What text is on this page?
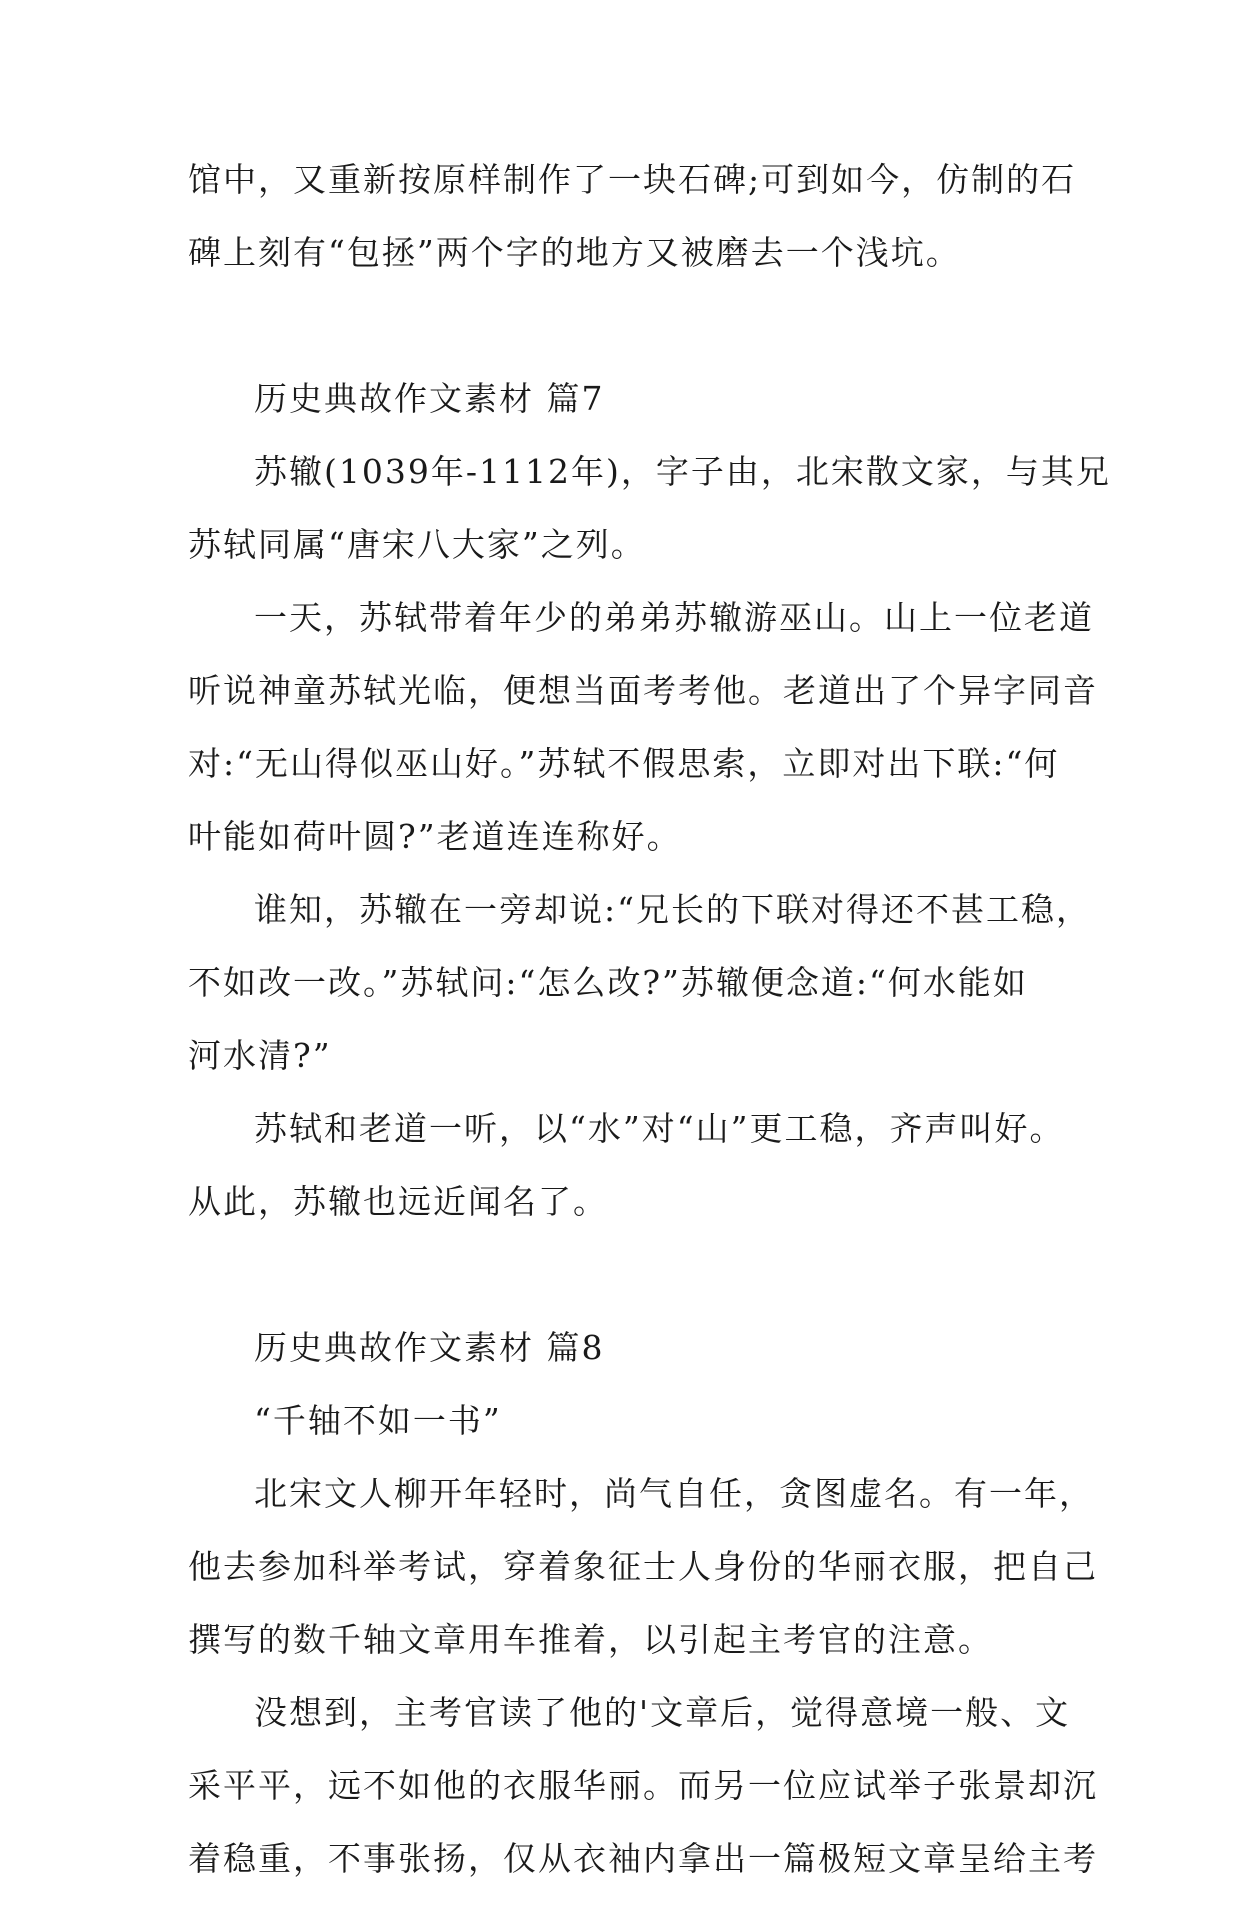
馆中，又重新按原样制作了一块石碑;可到如今，仿制的石
碑上刻有“包拯”两个字的地方又被磨去一个浅坑。
历史典故作文素材 篇7
苏辙(1039年-1112年)，字子由，北宋散文家，与其兄
苏轼同属“唐宋八大家”之列。
一天，苏轼带着年少的弟弟苏辙游巫山。山上一位老道
听说神童苏轼光临，便想当面考考他。老道出了个异字同音
对:“无山得似巫山好。”苏轼不假思索，立即对出下联:“何
叶能如荷叶圆?”老道连连称好。
谁知，苏辙在一旁却说:“兄长的下联对得还不甚工稳，
不如改一改。”苏轼问:“怎么改?”苏辙便念道:“何水能如
河水清?”
苏轼和老道一听，以“水”对“山”更工稳，齐声叫好。
从此，苏辙也远近闻名了。
历史典故作文素材 篇8
“千轴不如一书”
北宋文人柳开年轻时，尚气自任，贪图虚名。有一年，
他去参加科举考试，穿着象征士人身份的华丽衣服，把自己
撰写的数千轴文章用车推着，以引起主考官的注意。
没想到，主考官读了他的'文章后，觉得意境一般、文
采平平，远不如他的衣服华丽。而另一位应试举子张景却沉
着稳重，不事张扬，仅从衣袖内拿出一篇极短文章呈给主考
